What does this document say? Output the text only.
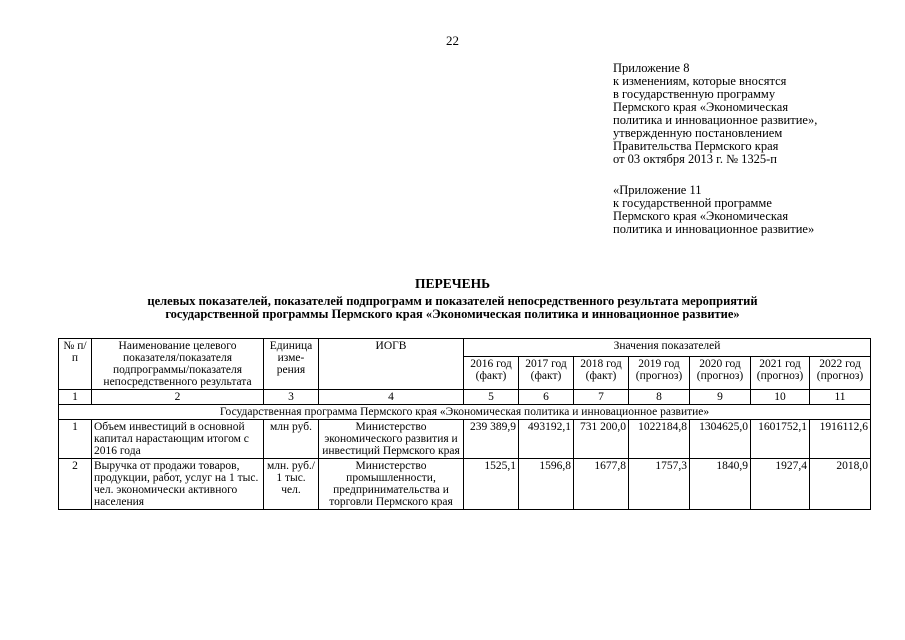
22
Приложение 8
к изменениям, которые вносятся
в государственную программу
Пермского края «Экономическая
политика и инновационное развитие»,
утвержденную постановлением
Правительства Пермского края
от 03 октября 2013 г. № 1325-п
«Приложение 11
к государственной программе
Пермского края «Экономическая
политика и инновационное развитие»
ПЕРЕЧЕНЬ
целевых показателей, показателей подпрограмм и показателей непосредственного результата мероприятий
государственной программы Пермского края «Экономическая политика и инновационное развитие»
№ п/п	Наименование целевого показателя/показателя подпрограммы/показателя непосредственного результата	Единица изме-рения	ИОГВ	Значения показателей						
				2016 год (факт)	2017 год (факт)	2018 год (факт)	2019 год (прогноз)	2020 год (прогноз)	2021 год (прогноз)	2022 год (прогноз)
1	2	3	4	5	6	7	8	9	10	11
Государственная программа Пермского края «Экономическая политика и инновационное развитие»										
1	Объем инвестиций в основной капитал нарастающим итогом с 2016 года	млн руб.	Министерство экономического развития и инвестиций Пермского края	239 389,9	493192,1	731 200,0	1022184,8	1304625,0	1601752,1	1916112,6
2	Выручка от продажи товаров, продукции, работ, услуг на 1 тыс. чел. экономически активного населения	млн. руб./ 1 тыс. чел.	Министерство промышленности, предпринимательства и торговли Пермского края	1525,1	1596,8	1677,8	1757,3	1840,9	1927,4	2018,0
